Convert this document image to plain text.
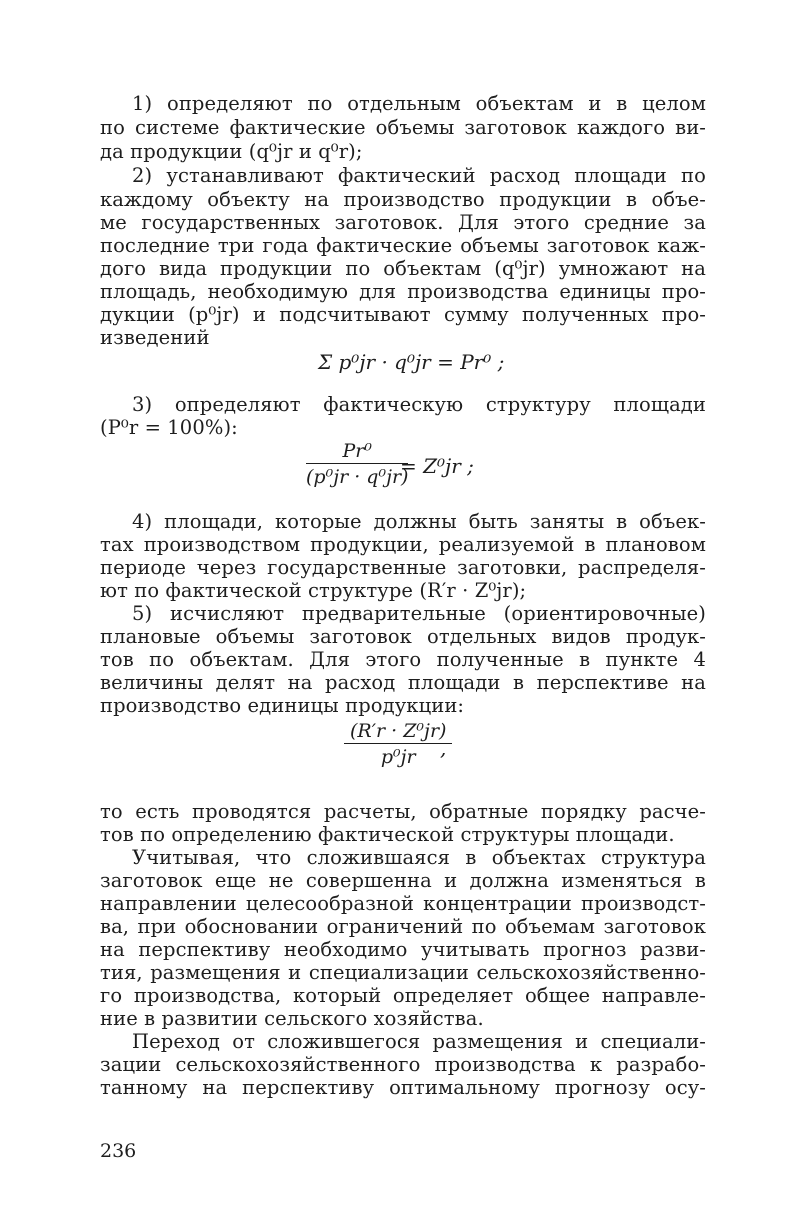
1) определяют по отдельным объектам и в целом
по системе фактические объемы заготовок каждого ви-
да продукции (q⁰jr и q⁰r);
2) устанавливают фактический расход площади по
каждому объекту на производство продукции в объе-
ме государственных заготовок. Для этого средние за
последние три года фактические объемы заготовок каж-
дого вида продукции по объектам (q⁰jr) умножают на
площадь, необходимую для производства единицы про-
дукции (p⁰jr) и подсчитывают сумму полученных про-
изведений
Σ p⁰jr · q⁰jr = Pr⁰ ;
3) определяют фактическую структуру площади
(P⁰r = 100%):
Pr⁰
(p⁰jr · q⁰jr)
= Z⁰jr ;
4) площади, которые должны быть заняты в объек-
тах производством продукции, реализуемой в плановом
периоде через государственные заготовки, распределя-
ют по фактической структуре (R′r · Z⁰jr);
5) исчисляют предварительные (ориентировочные)
плановые объемы заготовок отдельных видов продук-
тов по объектам. Для этого полученные в пункте 4
величины делят на расход площади в перспективе на
производство единицы продукции:
(R′r · Z⁰jr)
p⁰jr	,
то есть проводятся расчеты, обратные порядку расче-
тов по определению фактической структуры площади.
Учитывая, что сложившаяся в объектах структура
заготовок еще не совершенна и должна изменяться в
направлении целесообразной концентрации производст-
ва, при обосновании ограничений по объемам заготовок
на перспективу необходимо учитывать прогноз разви-
тия, размещения и специализации сельскохозяйственно-
го производства, который определяет общее направле-
ние в развитии сельского хозяйства.
Переход от сложившегося размещения и специали-
зации сельскохозяйственного производства к разрабо-
танному на перспективу оптимальному прогнозу осу-
236
